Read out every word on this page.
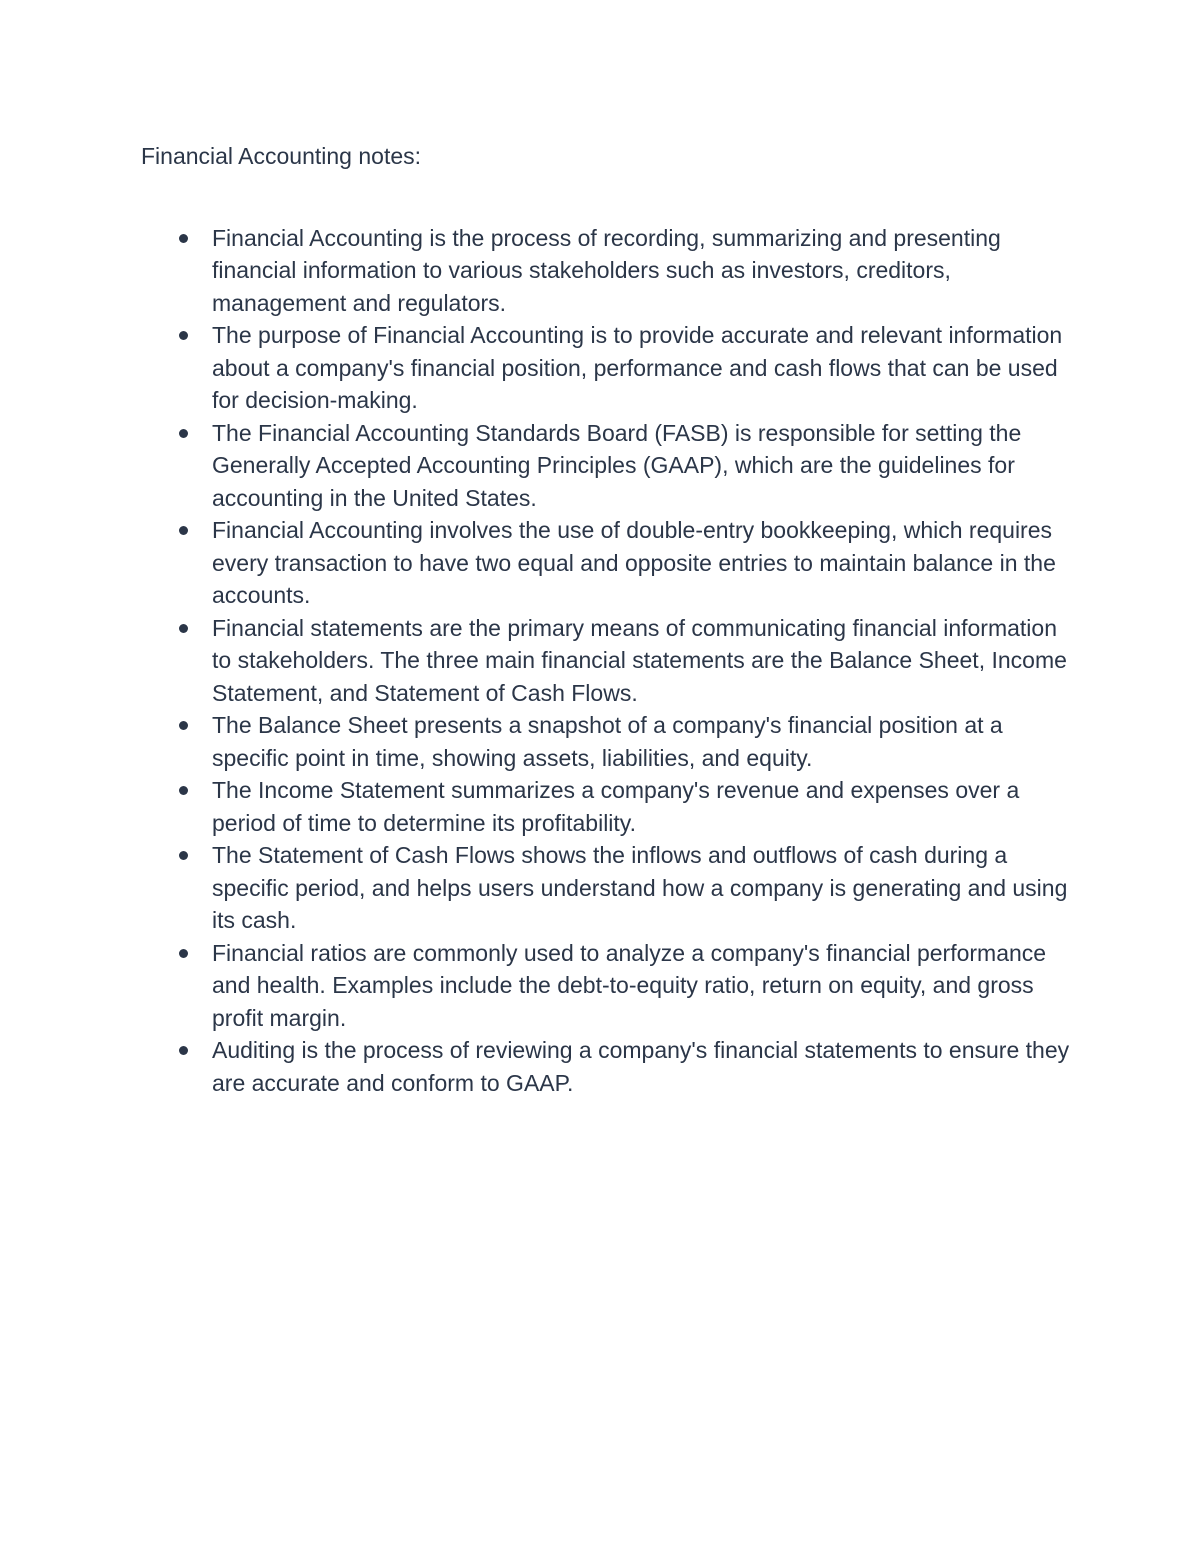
Financial Accounting notes:

Financial Accounting is the process of recording, summarizing and presenting financial information to various stakeholders such as investors, creditors, management and regulators.
The purpose of Financial Accounting is to provide accurate and relevant information about a company's financial position, performance and cash flows that can be used for decision-making.
The Financial Accounting Standards Board (FASB) is responsible for setting the Generally Accepted Accounting Principles (GAAP), which are the guidelines for accounting in the United States.
Financial Accounting involves the use of double-entry bookkeeping, which requires every transaction to have two equal and opposite entries to maintain balance in the accounts.
Financial statements are the primary means of communicating financial information to stakeholders. The three main financial statements are the Balance Sheet, Income Statement, and Statement of Cash Flows.
The Balance Sheet presents a snapshot of a company's financial position at a specific point in time, showing assets, liabilities, and equity.
The Income Statement summarizes a company's revenue and expenses over a period of time to determine its profitability.
The Statement of Cash Flows shows the inflows and outflows of cash during a specific period, and helps users understand how a company is generating and using its cash.
Financial ratios are commonly used to analyze a company's financial performance and health. Examples include the debt-to-equity ratio, return on equity, and gross profit margin.
Auditing is the process of reviewing a company's financial statements to ensure they are accurate and conform to GAAP.
